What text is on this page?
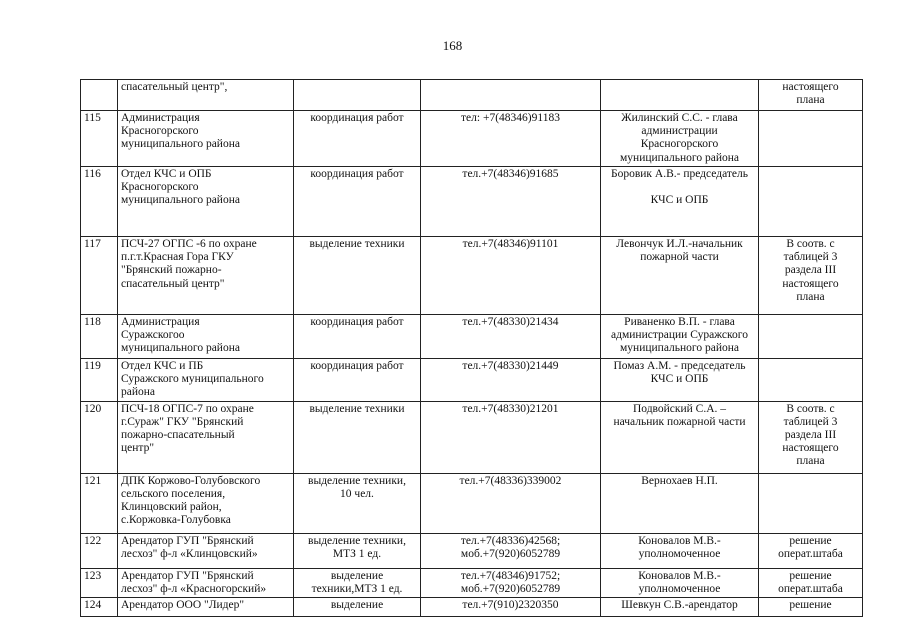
168

	спасательный центр",				настоящего
плана

115	Администрация
Красногорского
муниципального района	координация работ	тел: +7(48346)91183	Жилинский С.С. - глава
администрации
Красногорского
муниципального района	

116	Отдел КЧС и ОПБ
Красногорского
муниципального района	координация работ	тел.+7(48346)91685	Боровик А.В.- председатель

КЧС и ОПБ	

117	ПСЧ-27 ОГПС -6 по охране
п.г.т.Красная Гора ГКУ
"Брянский пожарно-
спасательный центр"	выделение техники	тел.+7(48346)91101	Левончук И.Л.-начальник
пожарной части	В соотв. с
таблицей 3
раздела III
настоящего
плана

118	Администрация
Суражскогоо
муниципального района	координация работ	тел.+7(48330)21434	Риваненко В.П. - глава
администрации Суражского
муниципального района	

119	Отдел КЧС и ПБ
Суражского муниципального
района	координация работ	тел.+7(48330)21449	Помаз А.М. - председатель
КЧС и ОПБ	

120	ПСЧ-18 ОГПС-7 по охране
г.Сураж" ГКУ "Брянский
пожарно-спасательный
центр"	выделение техники	тел.+7(48330)21201	Подвойский С.А. –
начальник пожарной части	В соотв. с
таблицей 3
раздела III
настоящего
плана

121	ДПК Коржово-Голубовского
сельского поселения,
Клинцовский район,
с.Коржовка-Голубовка	выделение техники,
10 чел.	тел.+7(48336)339002	Вернохаев Н.П.	

122	Арендатор ГУП "Брянский
лесхоз" ф-л «Клинцовский»	выделение техники,
МТЗ 1 ед.	тел.+7(48336)42568;
моб.+7(920)6052789	Коновалов М.В.-
уполномоченное	решение
операт.штаба

123	Арендатор ГУП "Брянский
лесхоз" ф-л «Красногорский»	выделение
техники,МТЗ 1 ед.	тел.+7(48346)91752;
моб.+7(920)6052789	Коновалов М.В.-
уполномоченное	решение
операт.штаба

124	Арендатор ООО "Лидер"	выделение	тел.+7(910)2320350	Шевкун С.В.-арендатор	решение
